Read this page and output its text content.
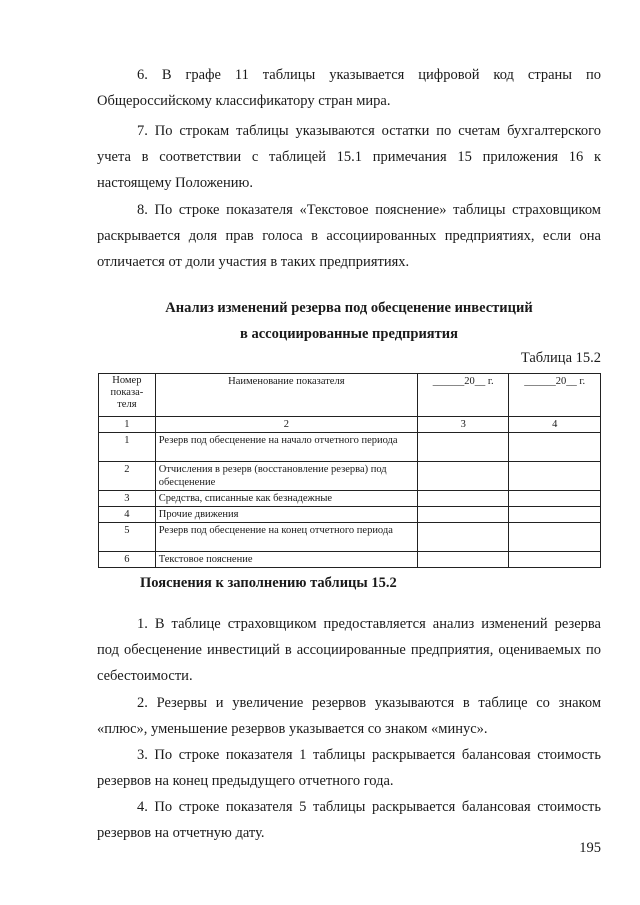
6. В графе 11 таблицы указывается цифровой код страны по Общероссийскому классификатору стран мира.

7. По строкам таблицы указываются остатки по счетам бухгалтерского учета в соответствии с таблицей 15.1 примечания 15 приложения 16 к настоящему Положению.

8. По строке показателя «Текстовое пояснение» таблицы страховщиком раскрывается доля прав голоса в ассоциированных предприятиях, если она отличается от доли участия в таких предприятиях.

Анализ изменений резерва под обесценение инвестиций

в ассоциированные предприятия

Таблица 15.2

Номер показа-теля	Наименование показателя	______20__ г.	______20__ г.
1	2	3	4
1	Резерв под обесценение на начало отчетного периода		
2	Отчисления в резерв (восстановление резерва) под обесценение		
3	Средства, списанные как безнадежные		
4	Прочие движения		
5	Резерв под обесценение на конец отчетного периода		
6	Текстовое пояснение		

Пояснения к заполнению таблицы 15.2

1. В таблице страховщиком предоставляется анализ изменений резерва под обесценение инвестиций в ассоциированные предприятия, оцениваемых по себестоимости.

2. Резервы и увеличение резервов указываются в таблице со знаком «плюс», уменьшение резервов указывается со знаком «минус».

3. По строке показателя 1 таблицы раскрывается балансовая стоимость резервов на конец предыдущего отчетного года.

4. По строке показателя 5 таблицы раскрывается балансовая стоимость резервов на отчетную дату.

195
